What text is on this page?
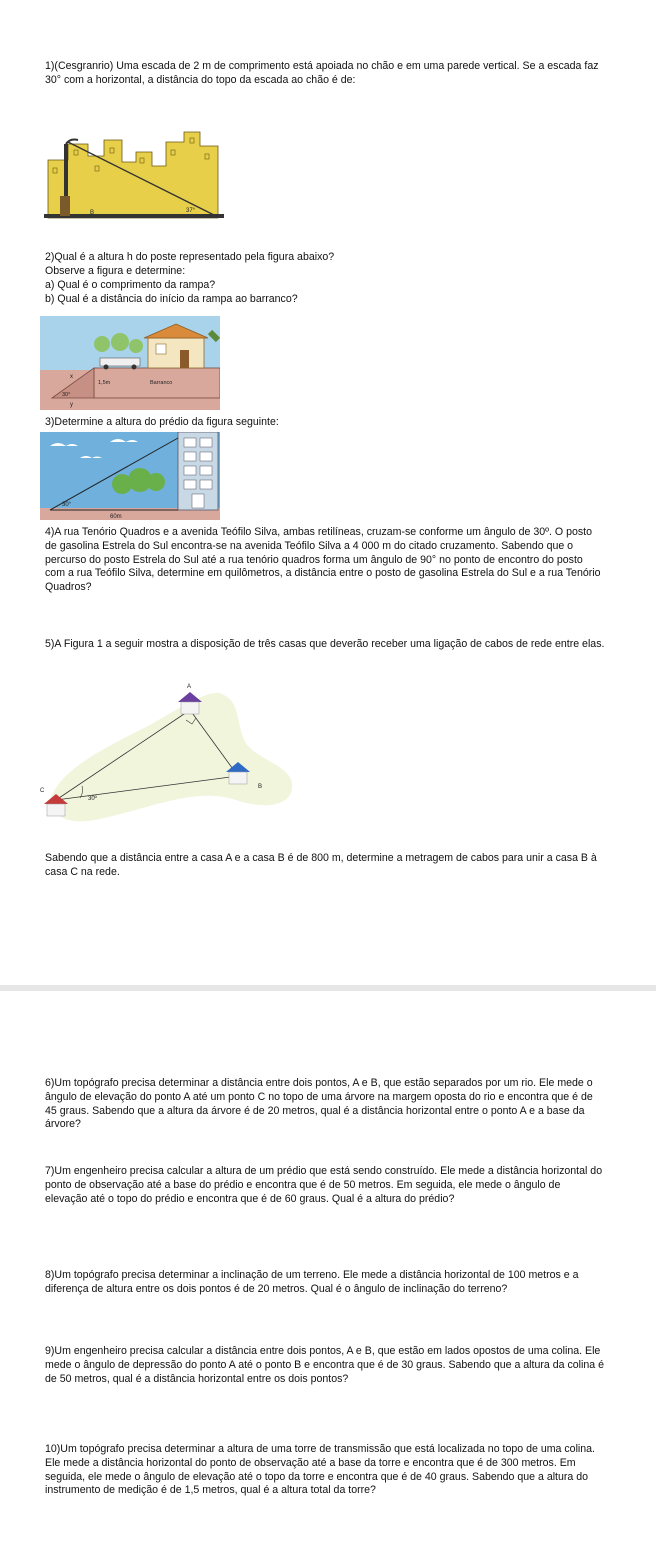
1)(Cesgranrio) Uma escada de 2 m de comprimento está apoiada no chão e em uma parede vertical. Se a escada faz 30° com a horizontal, a distância do topo da escada ao chão é de:

37°
B

2)Qual é a altura h do poste representado pela figura abaixo?

Observe a figura e determine:

a) Qual é o comprimento da rampa?

b) Qual é a distância do início da rampa ao barranco?

x
30°
y
1,5m	Barranco

3)Determine a altura do prédio da figura seguinte:

30°
60m

4)A rua Tenório Quadros e a avenida Teófilo Silva, ambas retilíneas, cruzam-se conforme um ângulo de 30º. O posto de gasolina Estrela do Sul encontra-se na avenida Teófilo Silva a 4 000 m do citado cruzamento. Sabendo que o percurso do posto Estrela do Sul até a rua tenório quadros forma um ângulo de 90° no ponto de encontro do posto com a rua Teófilo Silva, determine em quilômetros, a distância entre o posto de gasolina Estrela do Sul e a rua Tenório Quadros?

5)A Figura 1 a seguir mostra a disposição de três casas que deverão receber uma ligação de cabos de rede entre elas.

A
B
C
30º

Sabendo que a distância entre a casa A e a casa B é de 800 m, determine a metragem de cabos para unir a casa B à casa C na rede.

6)Um topógrafo precisa determinar a distância entre dois pontos, A e B, que estão separados por um rio. Ele mede o ângulo de elevação do ponto A até um ponto C no topo de uma árvore na margem oposta do rio e encontra que é de 45 graus. Sabendo que a altura da árvore é de 20 metros, qual é a distância horizontal entre o ponto A e a base da árvore?

7)Um engenheiro precisa calcular a altura de um prédio que está sendo construído. Ele mede a distância horizontal do ponto de observação até a base do prédio e encontra que é de 50 metros. Em seguida, ele mede o ângulo de elevação até o topo do prédio e encontra que é de 60 graus. Qual é a altura do prédio?

8)Um topógrafo precisa determinar a inclinação de um terreno. Ele mede a distância horizontal de 100 metros e a diferença de altura entre os dois pontos é de 20 metros. Qual é o ângulo de inclinação do terreno?

9)Um engenheiro precisa calcular a distância entre dois pontos, A e B, que estão em lados opostos de uma colina. Ele mede o ângulo de depressão do ponto A até o ponto B e encontra que é de 30 graus. Sabendo que a altura da colina é de 50 metros, qual é a distância horizontal entre os dois pontos?

10)Um topógrafo precisa determinar a altura de uma torre de transmissão que está localizada no topo de uma colina. Ele mede a distância horizontal do ponto de observação até a base da torre e encontra que é de 300 metros. Em seguida, ele mede o ângulo de elevação até o topo da torre e encontra que é de 40 graus. Sabendo que a altura do instrumento de medição é de 1,5 metros, qual é a altura total da torre?
